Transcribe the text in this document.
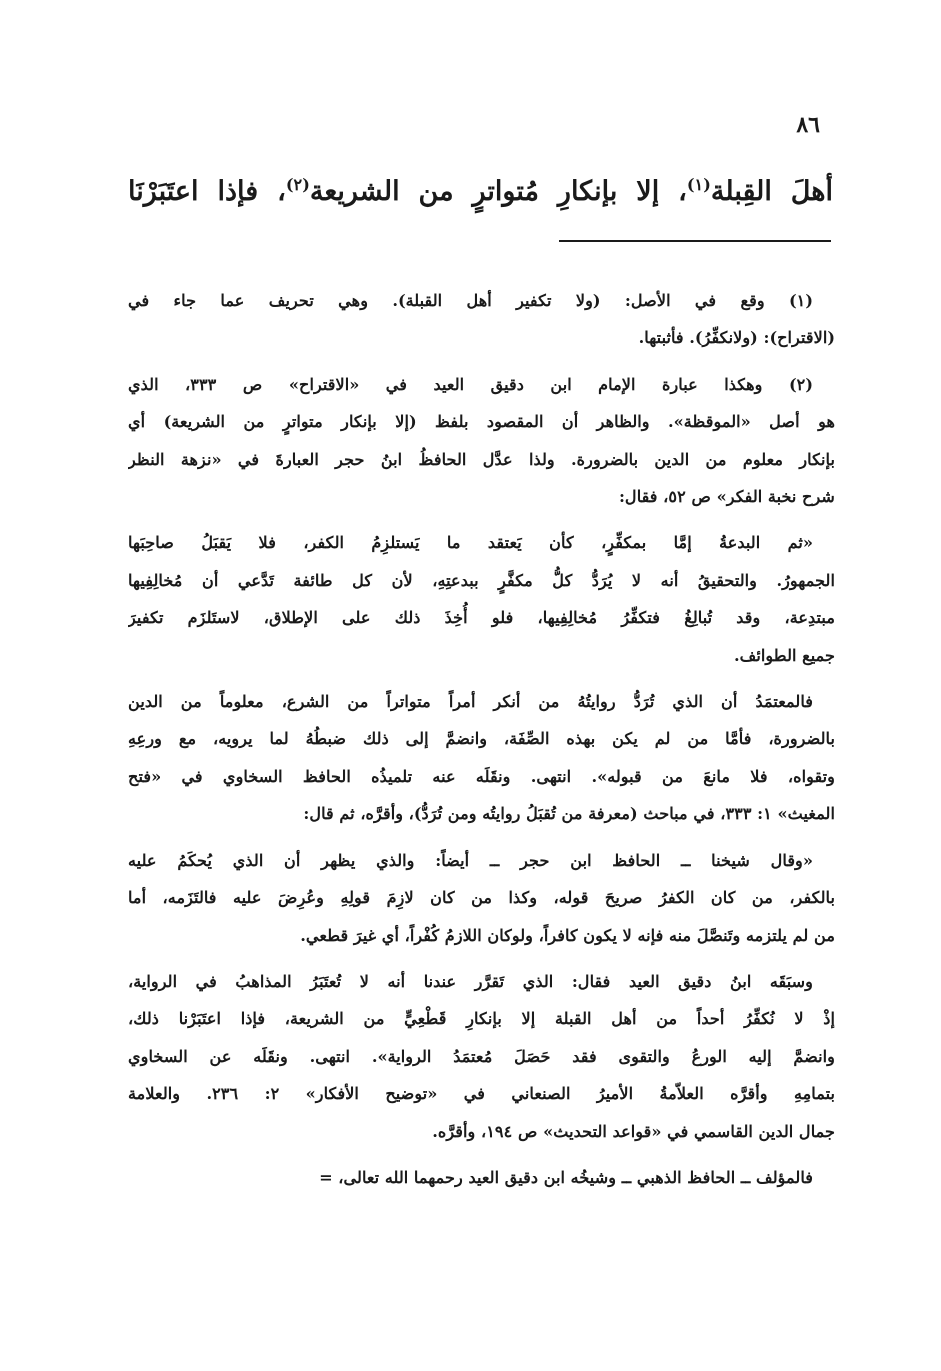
٨٦
أهلَ القِبلة$^{(١)}$، إلا بإنكارِ مُتواترٍ من الشريعة$^{(٢)}$، فإذا اعتَبَرْنَا
(١) وقع في الأصل: (ولا تكفير أهل القبلة). وهي تحريف عما جاء في
(الاقتراح): (ولانكفِّرُ). فأثبتها.
(٢) وهكذا عبارة الإمام ابن دقيق العيد في «الاقتراح» ص ٣٣٣، الذي
هو أصل «الموقظة». والظاهر أن المقصود بلفظ (إلا بإنكار متواترٍ من الشريعة) أي
بإنكار معلوم من الدين بالضرورة. ولذا عدَّل الحافظُ ابنُ حجر العبارةَ في «نزهة النظر
شرح نخبة الفكر» ص ٥٢، فقال:
«ثم البدعةُ إمَّا بمكفِّرٍ، كأن يَعتقد ما يَستلزِمُ الكفر، فلا يَقبَلُ صاحِبَها
الجمهورُ. والتحقيقُ أنه لا يُرَدُّ كلُّ مكفَّرٍ ببدعتِهِ، لأن كل طائفة تَدَّعي أن مُخالِفِيها
مبتدِعة، وقد تُبالِغُ فتكفِّرُ مُخالِفِيها، فلو أُخِذَ ذلك على الإطلاق، لاستَلزَم تكفيرَ
جميع الطوائف.
فالمعتمَدُ أن الذي تُرَدُّ روايتُهُ من أنكر أمراً متواتراً من الشرع، معلوماً من الدين
بالضرورة، فأمَّا من لم يكن بهذه الصِّفَة، وانضمَّ إلى ذلك ضبطُهُ لما يرويه، مع ورعِهِ
وتقواه، فلا مانعَ من قبوله». انتهى. ونقَلَه عنه تلميذُه الحافظ السخاوي في «فتح
المغيث» ١: ٣٣٣، في مباحث (معرفة من تُقبَلُ روايتُه ومن تُرَدُّ)، وأقرَّه، ثم قال:
«وقال شيخنا ــ الحافظ ابن حجر ــ أيضاً: والذي يظهر أن الذي يُحكَمُ عليه
بالكفر، من كان الكفرُ صريحَ قوله، وكذا من كان لازِمَ قولِهِ وعُرِضَ عليه فالتَزَمه، أما
من لم يلتزمه وتَنصَّلَ منه فإنه لا يكون كافراً، ولوكان اللازمُ كُفْراً، أي غيرَ قطعي.
وسبَقَه ابنُ دقيق العيد فقال: الذي تَقرَّر عندنا أنه لا تُعتَبَرُ المذاهبُ في الرواية،
إذْ لا نُكفِّرُ أحداً من أهل القبلة إلا بإنكارِ قَطْعِيٍّ من الشريعة، فإذا اعتَبَرْنا ذلك،
وانضمَّ إليه الورعُ والتقوى فقد حَصَلَ مُعتمَدُ الرواية». انتهى. ونقَلَه عن السخاوي
بتمامِهِ وأقرَّه العلاّمةُ الأميرُ الصنعاني في «توضيح الأفكار» ٢: ٢٣٦. والعلامة
جمال الدين القاسمي في «قواعد التحديث» ص ١٩٤، وأقرَّه.
فالمؤلف ــ الحافظ الذهبي ــ وشيخُه ابن دقيق العيد رحمهما الله تعالى، =
